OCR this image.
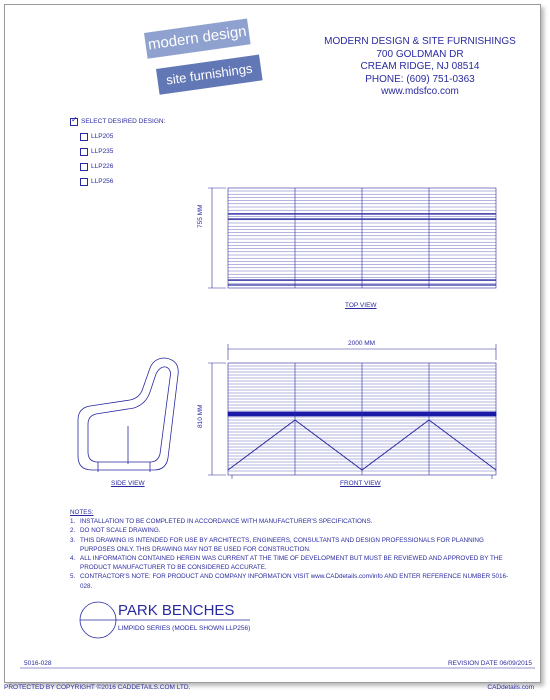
modern design
site furnishings
MODERN DESIGN & SITE FURNISHINGS
700 GOLDMAN DR
CREAM RIDGE, NJ 08514
PHONE: (609) 751-0363
www.mdsfco.com
✓
SELECT DESIRED DESIGN:
LLP205
LLP235
LLP226
LLP256
755 MM
TOP VIEW
2000 MM
810 MM
SIDE VIEW	FRONT VIEW
NOTES:
1. INSTALLATION TO BE COMPLETED IN ACCORDANCE WITH MANUFACTURER'S SPECIFICATIONS.
2. DO NOT SCALE DRAWING.
3. THIS DRAWING IS INTENDED FOR USE BY ARCHITECTS, ENGINEERS, CONSULTANTS AND DESIGN PROFESSIONALS FOR PLANNING PURPOSES ONLY. THIS DRAWING MAY NOT BE USED FOR CONSTRUCTION.
4. ALL INFORMATION CONTAINED HEREIN WAS CURRENT AT THE TIME OF DEVELOPMENT BUT MUST BE REVIEWED AND APPROVED BY THE PRODUCT MANUFACTURER TO BE CONSIDERED ACCURATE.
5. CONTRACTOR'S NOTE: FOR PRODUCT AND COMPANY INFORMATION VISIT www.CADdetails.com/info AND ENTER REFERENCE NUMBER 5016-028.
PARK BENCHES
LIMPIDO SERIES (MODEL SHOWN LLP256)
5016-028	REVISION DATE 06/09/2015
PROTECTED BY COPYRIGHT ©2016 CADDETAILS.COM LTD.	CADdetails.com
